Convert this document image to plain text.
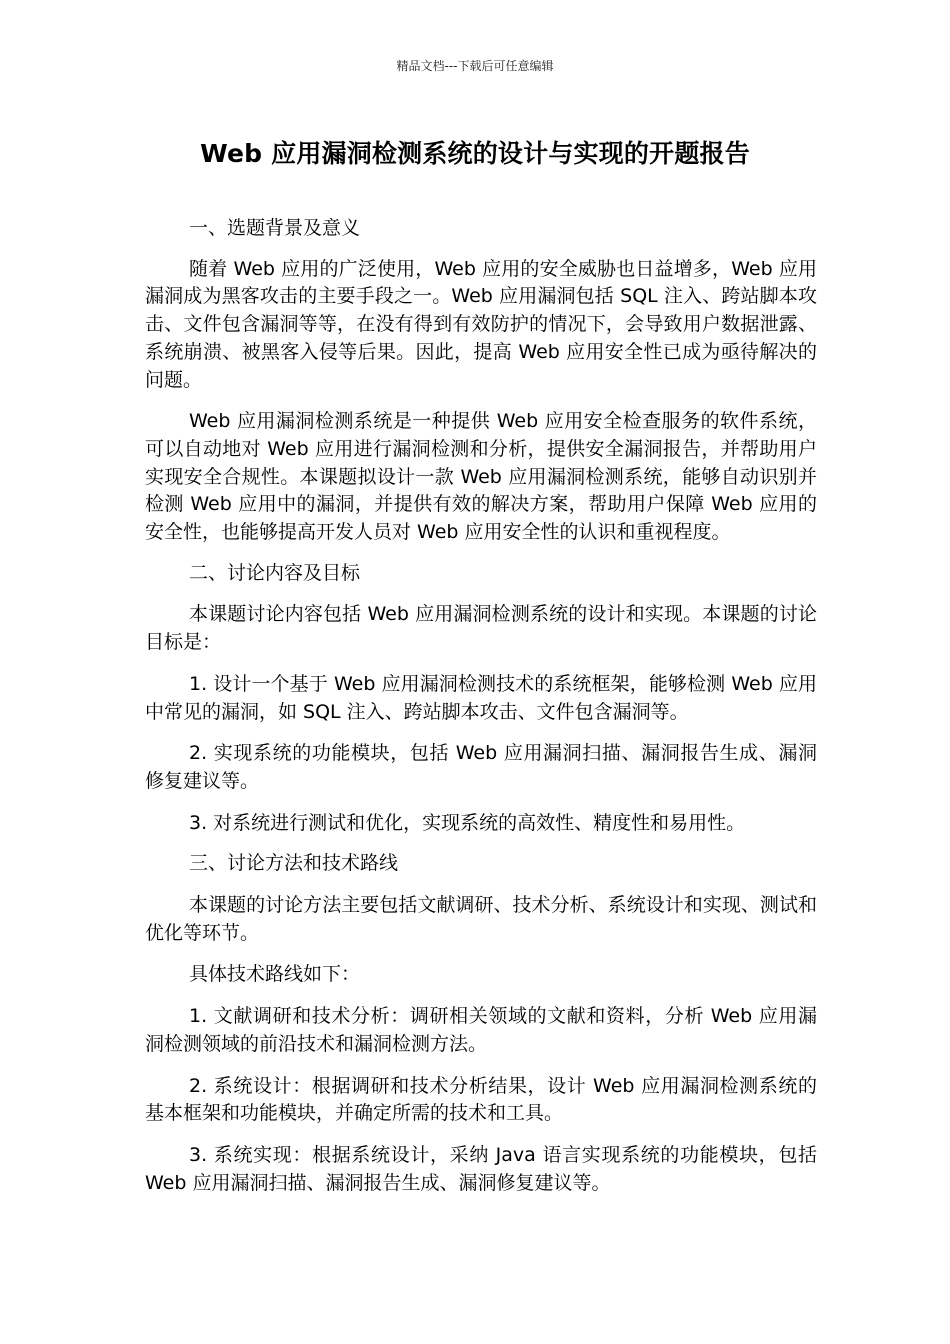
精品文档---下载后可任意编辑
Web 应用漏洞检测系统的设计与实现的开题报告

一、选题背景及意义

随着 Web 应用的广泛使用，Web 应用的安全威胁也日益增多，Web 应用漏洞成为黑客攻击的主要手段之一。Web 应用漏洞包括 SQL 注入、跨站脚本攻击、文件包含漏洞等等，在没有得到有效防护的情况下，会导致用户数据泄露、系统崩溃、被黑客入侵等后果。因此，提高 Web 应用安全性已成为亟待解决的问题。

Web 应用漏洞检测系统是一种提供 Web 应用安全检查服务的软件系统，可以自动地对 Web 应用进行漏洞检测和分析，提供安全漏洞报告，并帮助用户实现安全合规性。本课题拟设计一款 Web 应用漏洞检测系统，能够自动识别并检测 Web 应用中的漏洞，并提供有效的解决方案，帮助用户保障 Web 应用的安全性，也能够提高开发人员对 Web 应用安全性的认识和重视程度。

二、讨论内容及目标

本课题讨论内容包括 Web 应用漏洞检测系统的设计和实现。本课题的讨论目标是：

1. 设计一个基于 Web 应用漏洞检测技术的系统框架，能够检测 Web 应用中常见的漏洞，如 SQL 注入、跨站脚本攻击、文件包含漏洞等。

2. 实现系统的功能模块，包括 Web 应用漏洞扫描、漏洞报告生成、漏洞修复建议等。

3. 对系统进行测试和优化，实现系统的高效性、精度性和易用性。

三、讨论方法和技术路线

本课题的讨论方法主要包括文献调研、技术分析、系统设计和实现、测试和优化等环节。

具体技术路线如下：

1. 文献调研和技术分析：调研相关领域的文献和资料，分析 Web 应用漏洞检测领域的前沿技术和漏洞检测方法。

2. 系统设计：根据调研和技术分析结果，设计 Web 应用漏洞检测系统的基本框架和功能模块，并确定所需的技术和工具。

3. 系统实现：根据系统设计，采纳 Java 语言实现系统的功能模块，包括 Web 应用漏洞扫描、漏洞报告生成、漏洞修复建议等。
